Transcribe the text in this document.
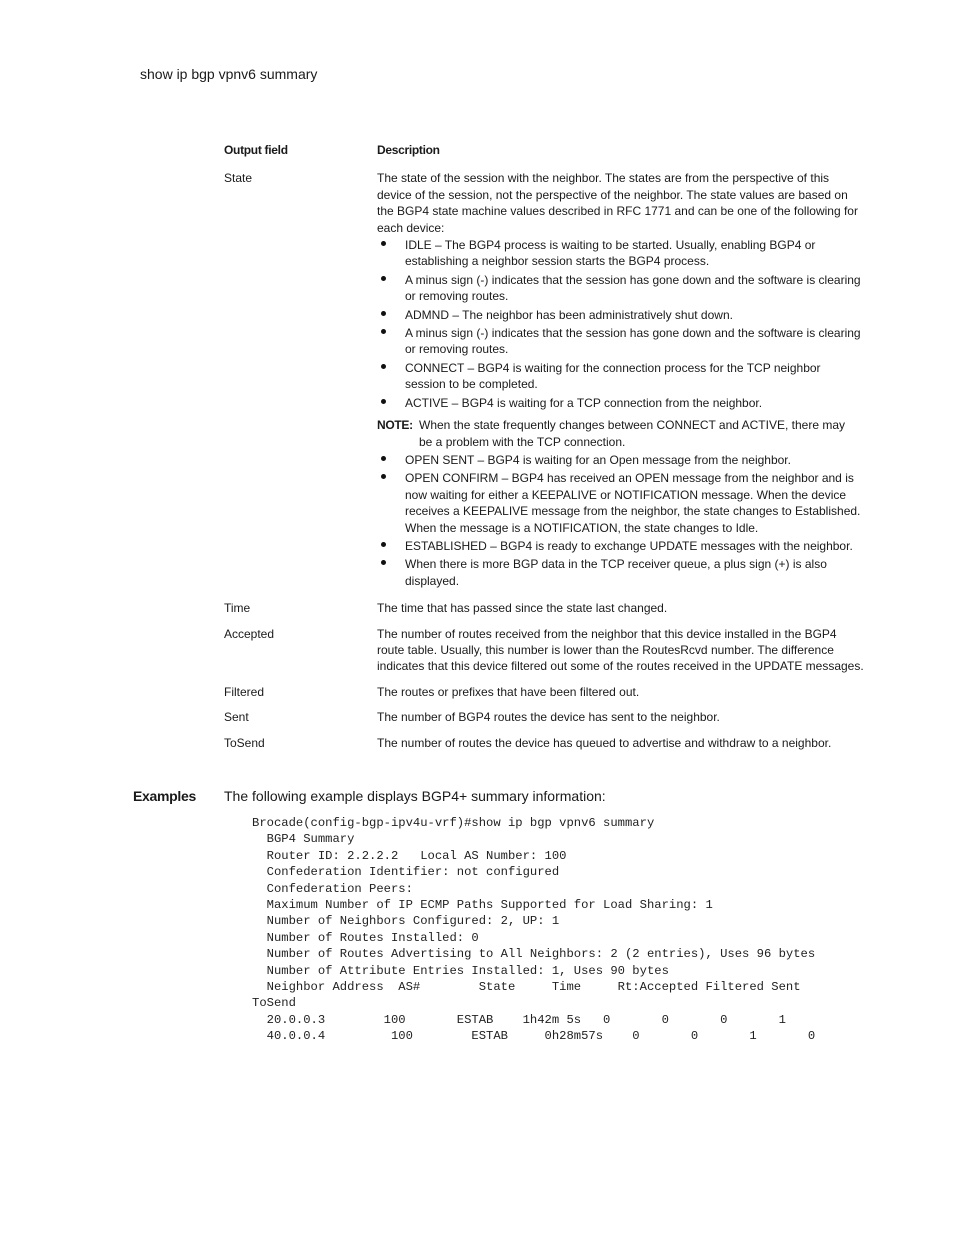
show ip bgp vpnv6 summary
Output field	Description
State	The state of the session with the neighbor. The states are from the perspective of this device of the session, not the perspective of the neighbor. The state values are based on the BGP4 state machine values described in RFC 1771 and can be one of the following for each device:

IDLE – The BGP4 process is waiting to be started. Usually, enabling BGP4 or establishing a neighbor session starts the BGP4 process.
A minus sign (-) indicates that the session has gone down and the software is clearing or removing routes.
ADMND – The neighbor has been administratively shut down.
A minus sign (-) indicates that the session has gone down and the software is clearing or removing routes.
CONNECT – BGP4 is waiting for the connection process for the TCP neighbor session to be completed.
ACTIVE – BGP4 is waiting for a TCP connection from the neighbor.
NOTE: When the state frequently changes between CONNECT and ACTIVE, there may
be a problem with the TCP connection.
OPEN SENT – BGP4 is waiting for an Open message from the neighbor.
OPEN CONFIRM – BGP4 has received an OPEN message from the neighbor and is now waiting for either a KEEPALIVE or NOTIFICATION message. When the device receives a KEEPALIVE message from the neighbor, the state changes to Established. When the message is a NOTIFICATION, the state changes to Idle.
ESTABLISHED – BGP4 is ready to exchange UPDATE messages with the neighbor.
When there is more BGP data in the TCP receiver queue, a plus sign (+) is also displayed.
Time	The time that has passed since the state last changed.
Accepted	The number of routes received from the neighbor that this device installed in the BGP4 route table. Usually, this number is lower than the RoutesRcvd number. The difference indicates that this device filtered out some of the routes received in the UPDATE messages.
Filtered	The routes or prefixes that have been filtered out.
Sent	The number of BGP4 routes the device has sent to the neighbor.
ToSend	The number of routes the device has queued to advertise and withdraw to a neighbor.
Examples The following example displays BGP4+ summary information:
Brocade(config-bgp-ipv4u-vrf)#show ip bgp vpnv6 summary
BGP4 Summary
Router ID: 2.2.2.2   Local AS Number: 100
Confederation Identifier: not configured
Confederation Peers:
Maximum Number of IP ECMP Paths Supported for Load Sharing: 1
Number of Neighbors Configured: 2, UP: 1
Number of Routes Installed: 0
Number of Routes Advertising to All Neighbors: 2 (2 entries), Uses 96 bytes
Number of Attribute Entries Installed: 1, Uses 90 bytes
Neighbor Address  AS#        State     Time     Rt:Accepted Filtered Sent
ToSend
20.0.0.3        100       ESTAB    1h42m 5s   0       0       0       1
40.0.0.4         100        ESTAB     0h28m57s    0       0       1       0
